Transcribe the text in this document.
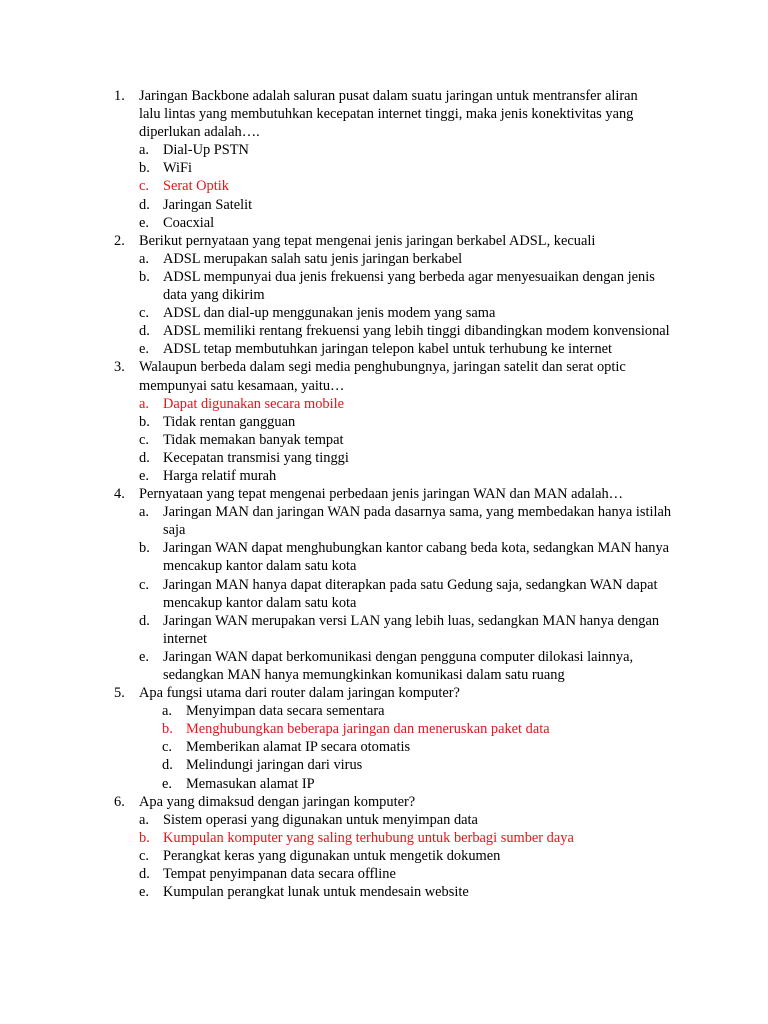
1. Jaringan Backbone adalah saluran pusat dalam suatu jaringan untuk mentransfer aliran lalu lintas yang membutuhkan kecepatan internet tinggi, maka jenis konektivitas yang diperlukan adalah….
a. Dial-Up PSTN
b. WiFi
c. Serat Optik
d. Jaringan Satelit
e. Coacxial
2. Berikut pernyataan yang tepat mengenai jenis jaringan berkabel ADSL, kecuali
a. ADSL merupakan salah satu jenis jaringan berkabel
b. ADSL mempunyai dua jenis frekuensi yang berbeda agar menyesuaikan dengan jenis data yang dikirim
c. ADSL dan dial-up menggunakan jenis modem yang sama
d. ADSL memiliki rentang frekuensi yang lebih tinggi dibandingkan modem konvensional
e. ADSL tetap membutuhkan jaringan telepon kabel untuk terhubung ke internet
3. Walaupun berbeda dalam segi media penghubungnya, jaringan satelit dan serat optic mempunyai satu kesamaan, yaitu…
a. Dapat digunakan secara mobile
b. Tidak rentan gangguan
c. Tidak memakan banyak tempat
d. Kecepatan transmisi yang tinggi
e. Harga relatif murah
4. Pernyataan yang tepat mengenai perbedaan jenis jaringan WAN dan MAN adalah…
a. Jaringan MAN dan jaringan WAN pada dasarnya sama, yang membedakan hanya istilah saja
b. Jaringan WAN dapat menghubungkan kantor cabang beda kota, sedangkan MAN hanya mencakup kantor dalam satu kota
c. Jaringan MAN hanya dapat diterapkan pada satu Gedung saja, sedangkan WAN dapat mencakup kantor dalam satu kota
d. Jaringan WAN merupakan versi LAN yang lebih luas, sedangkan MAN hanya dengan internet
e. Jaringan WAN dapat berkomunikasi dengan pengguna computer dilokasi lainnya, sedangkan MAN hanya memungkinkan komunikasi dalam satu ruang
5. Apa fungsi utama dari router dalam jaringan komputer?
a. Menyimpan data secara sementara
b. Menghubungkan beberapa jaringan dan meneruskan paket data
c. Memberikan alamat IP secara otomatis
d. Melindungi jaringan dari virus
e. Memasukan alamat IP
6. Apa yang dimaksud dengan jaringan komputer?
a. Sistem operasi yang digunakan untuk menyimpan data
b. Kumpulan komputer yang saling terhubung untuk berbagi sumber daya
c. Perangkat keras yang digunakan untuk mengetik dokumen
d. Tempat penyimpanan data secara offline
e. Kumpulan perangkat lunak untuk mendesain website
